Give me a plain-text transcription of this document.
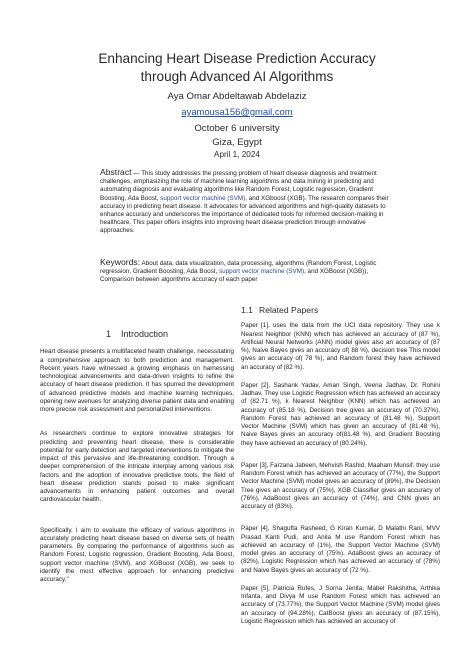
Enhancing Heart Disease Prediction Accuracy
through Advanced AI Algorithms
Aya Omar Abdeltawab Abdelaziz
ayamousa156@gmail.com
October 6 university
Giza, Egypt
April 1, 2024
Abstract — This study addresses the pressing problem of heart disease diagnosis and treatment challenges, emphasizing the role of machine learning algorithms and data mining in predicting and automating diagnosis and evaluating algorithms like Random Forest, Logistic regression, Gradient Boosting, Ada Boost, support vector machine (SVM), and XGboost (XGB). The research compares their accuracy in predicting heart disease. It advocates for advanced algorithms and high-quality datasets to enhance accuracy and underscores the importance of dedicated tools for informed decision-making in healthcare. This paper offers insights into improving heart disease prediction through innovative approaches.
Keywords: About data, data visualization, data processing, algorithms (Random Forest, Logistic regression, Gradient Boosting, Ada Boost, support vector machine (SVM), and XGBoost (XGB)), Comparison between algorithms accuracy of each paper
1 Introduction

Heart disease presents a multifaceted health challenge, necessitating a comprehensive approach to both prediction and management. Recent years have witnessed a growing emphasis on harnessing technological advancements and data-driven insights to refine the accuracy of heart disease prediction. It has spurred the development of advanced predictive models and machine learning techniques, opening new avenues for analyzing diverse patient data and enabling more precise risk assessment and personalized interventions.

As researchers continue to explore innovative strategies for predicting and preventing heart disease, there is considerable potential for early detection and targeted interventions to mitigate the impact of this pervasive and life-threatening condition. Through a deeper comprehension of the intricate interplay among various risk factors and the adoption of innovative predictive tools, the field of heart disease prediction stands poised to make significant advancements in enhancing patient outcomes and overall cardiovascular health.

Specifically, I aim to evaluate the efficacy of various algorithms in accurately predicting heart disease based on diverse sets of health parameters. By comparing the performance of algorithms such as Random Forest, Logistic regression, Gradient Boosting, Ada Boost, support vector machine (SVM), and XGBoost (XGB), we seek to identify the most effective approach for enhancing predictive accuracy."

1.1 Related Papers

Paper [1], uses the data from the UCI data repository. They use k Nearest Neighbor (KNN) which has achieved an accuracy of (87 %), Artificial Neural Networks (ANN) model gives also an accuracy of (87 %), Naive Bayes gives an accuracy of( 88 %), decision tree This model gives an accuracy of( 78 %), and Random forest they have achieved an accuracy of (82 %).

Paper [2], Sashank Yadav, Aman Singh, Veena Jadhav, Dr. Rohini Jadhav. They use Logistic Regression which has achieved an accuracy of (82.71 %), k Nearest Neighbor (KNN) which has achieved an accuracy of (85.18 %), Decision tree gives an accuracy of (70.37%), Random Forest has achieved an accuracy of (81.48 %), Support Vector Machine (SVM) which has given an accuracy of (81.48 %), Naive Bayes gives an accuracy of(81.48 %), and Gradient Boosting they have achieved an accuracy of (80.24%).

Paper [3], Farzana Jabeen, Mehvish Rashid, Maaham Munsif. they use Random Forest which has achieved an accuracy of (77%), the Support Vector Machine (SVM) model gives an accuracy of (89%), the Decision Tree gives an accuracy of (75%), XGB Classifier gives an accuracy of (76%), AdaBoost gives an accuracy of (74%), and CNN gives an accuracy of (83%).

Paper [4], Shagufta Rasheed, G Kiran Kumar, D Malathi Rani, MVV Prasad Kanti Pudi, and Anila M use Random Forest which has achieved an accuracy of (1%), the Support Vector Machine (SVM) model gives an accuracy of (75%), AdaBoost gives an accuracy of (82%), Logistic Regression which has achieved an accuracy of (78%) and Naive Bayes gives an accuracy of (72 %).

Paper [5], Patricia Rufes, J Sorna Jenita, Mabel Rakshitha, Arthika Infanta, and Divya M use Random Forest which has achieved an accuracy of (73.77%), the Support Vector Machine (SVM) model gives an accuracy of (94.28%), CatBoost gives an accuracy of (87.15%), Logistic Regression which has achieved an accuracy of
